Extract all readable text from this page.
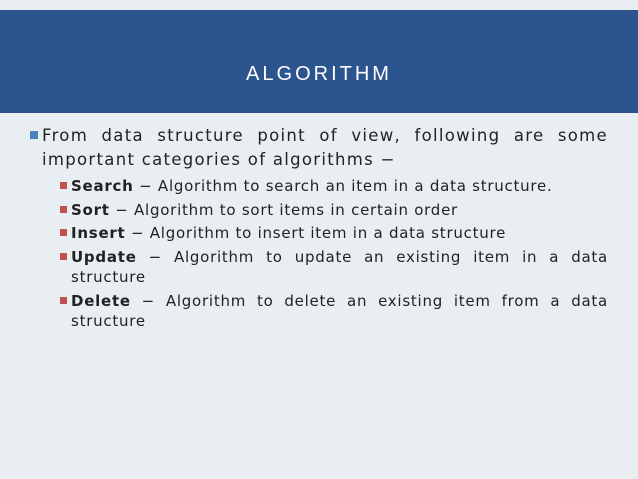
ALGORITHM
From data structure point of view, following are some important categories of algorithms −
Search − Algorithm to search an item in a data structure.
Sort − Algorithm to sort items in certain order
Insert − Algorithm to insert item in a data structure
Update − Algorithm to update an existing item in a data structure
Delete − Algorithm to delete an existing item from a data structure
